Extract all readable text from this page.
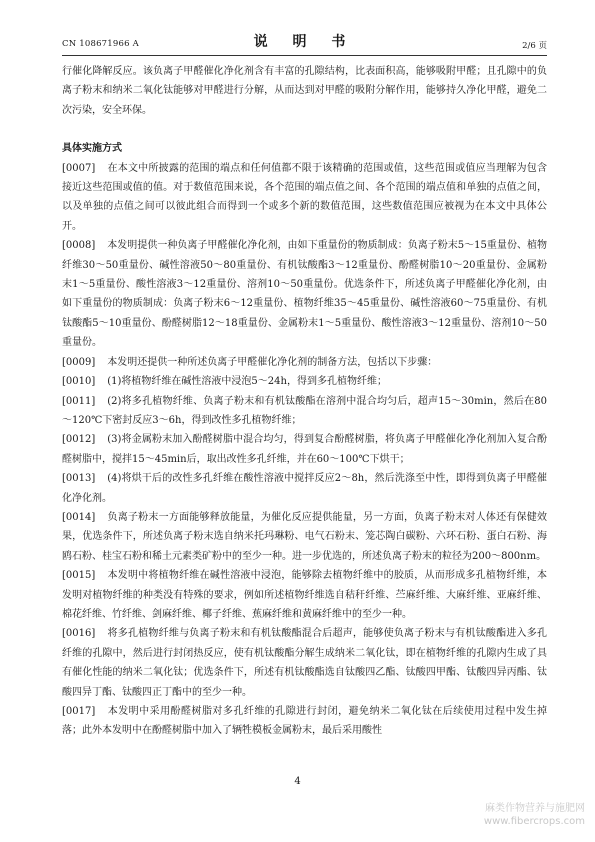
CN 108671966 A	说 明 书	2/6 页

行催化降解反应。该负离子甲醛催化净化剂含有丰富的孔隙结构，比表面积高，能够吸附甲醛；且孔隙中的负离子粉末和纳米二氧化钛能够对甲醛进行分解，从而达到对甲醛的吸附分解作用，能够持久净化甲醛，避免二次污染，安全环保。

具体实施方式

[0007] 在本文中所披露的范围的端点和任何值都不限于该精确的范围或值，这些范围或值应当理解为包含接近这些范围或值的值。对于数值范围来说，各个范围的端点值之间、各个范围的端点值和单独的点值之间，以及单独的点值之间可以彼此组合而得到一个或多个新的数值范围，这些数值范围应被视为在本文中具体公开。

[0008] 本发明提供一种负离子甲醛催化净化剂，由如下重量份的物质制成：负离子粉末5～15重量份、植物纤维30～50重量份、碱性溶液50～80重量份、有机钛酸酯3～12重量份、酚醛树脂10～20重量份、金属粉末1～5重量份、酸性溶液3～12重量份、溶剂10～50重量份。优选条件下，所述负离子甲醛催化净化剂，由如下重量份的物质制成：负离子粉末6～12重量份、植物纤维35～45重量份、碱性溶液60～75重量份、有机钛酸酯5～10重量份、酚醛树脂12～18重量份、金属粉末1～5重量份、酸性溶液3～12重量份、溶剂10～50重量份。

[0009] 本发明还提供一种所述负离子甲醛催化净化剂的制备方法，包括以下步骤：

[0010] (1)将植物纤维在碱性溶液中浸泡5～24h，得到多孔植物纤维；

[0011] (2)将多孔植物纤维、负离子粉末和有机钛酸酯在溶剂中混合均匀后，超声15～30min，然后在80～120℃下密封反应3～6h，得到改性多孔植物纤维；

[0012] (3)将金属粉末加入酚醛树脂中混合均匀，得到复合酚醛树脂，将负离子甲醛催化净化剂加入复合酚醛树脂中，搅拌15～45min后，取出改性多孔纤维，并在60～100℃下烘干；

[0013] (4)将烘干后的改性多孔纤维在酸性溶液中搅拌反应2～8h，然后洗涤至中性，即得到负离子甲醛催化净化剂。

[0014] 负离子粉末一方面能够释放能量，为催化反应提供能量，另一方面，负离子粉末对人体还有保健效果，优选条件下，所述负离子粉末选自纳米托玛琳粉、电气石粉末、笼芯陶白碳粉、六环石粉、蛋白石粉、海鸥石粉、桂宝石粉和稀土元素类矿粉中的至少一种。进一步优选的，所述负离子粉末的粒径为200～800nm。

[0015] 本发明中将植物纤维在碱性溶液中浸泡，能够除去植物纤维中的胶质，从而形成多孔植物纤维，本发明对植物纤维的种类没有特殊的要求，例如所述植物纤维选自秸秆纤维、苎麻纤维、大麻纤维、亚麻纤维、棉花纤维、竹纤维、剑麻纤维、椰子纤维、蕉麻纤维和黄麻纤维中的至少一种。

[0016] 将多孔植物纤维与负离子粉末和有机钛酸酯混合后超声，能够使负离子粉末与有机钛酸酯进入多孔纤维的孔隙中，然后进行封闭热反应，使有机钛酸酯分解生成纳米二氧化钛，即在植物纤维的孔隙内生成了具有催化性能的纳米二氧化钛；优选条件下，所述有机钛酸酯选自钛酸四乙酯、钛酸四甲酯、钛酸四异丙酯、钛酸四异丁酯、钛酸四正丁酯中的至少一种。

[0017] 本发明中采用酚醛树脂对多孔纤维的孔隙进行封闭，避免纳米二氧化钛在后续使用过程中发生掉落；此外本发明中在酚醛树脂中加入了辆牲模板金属粉末，最后采用酸性

4
麻类作物营养与施肥网
www.fibercrops.com
